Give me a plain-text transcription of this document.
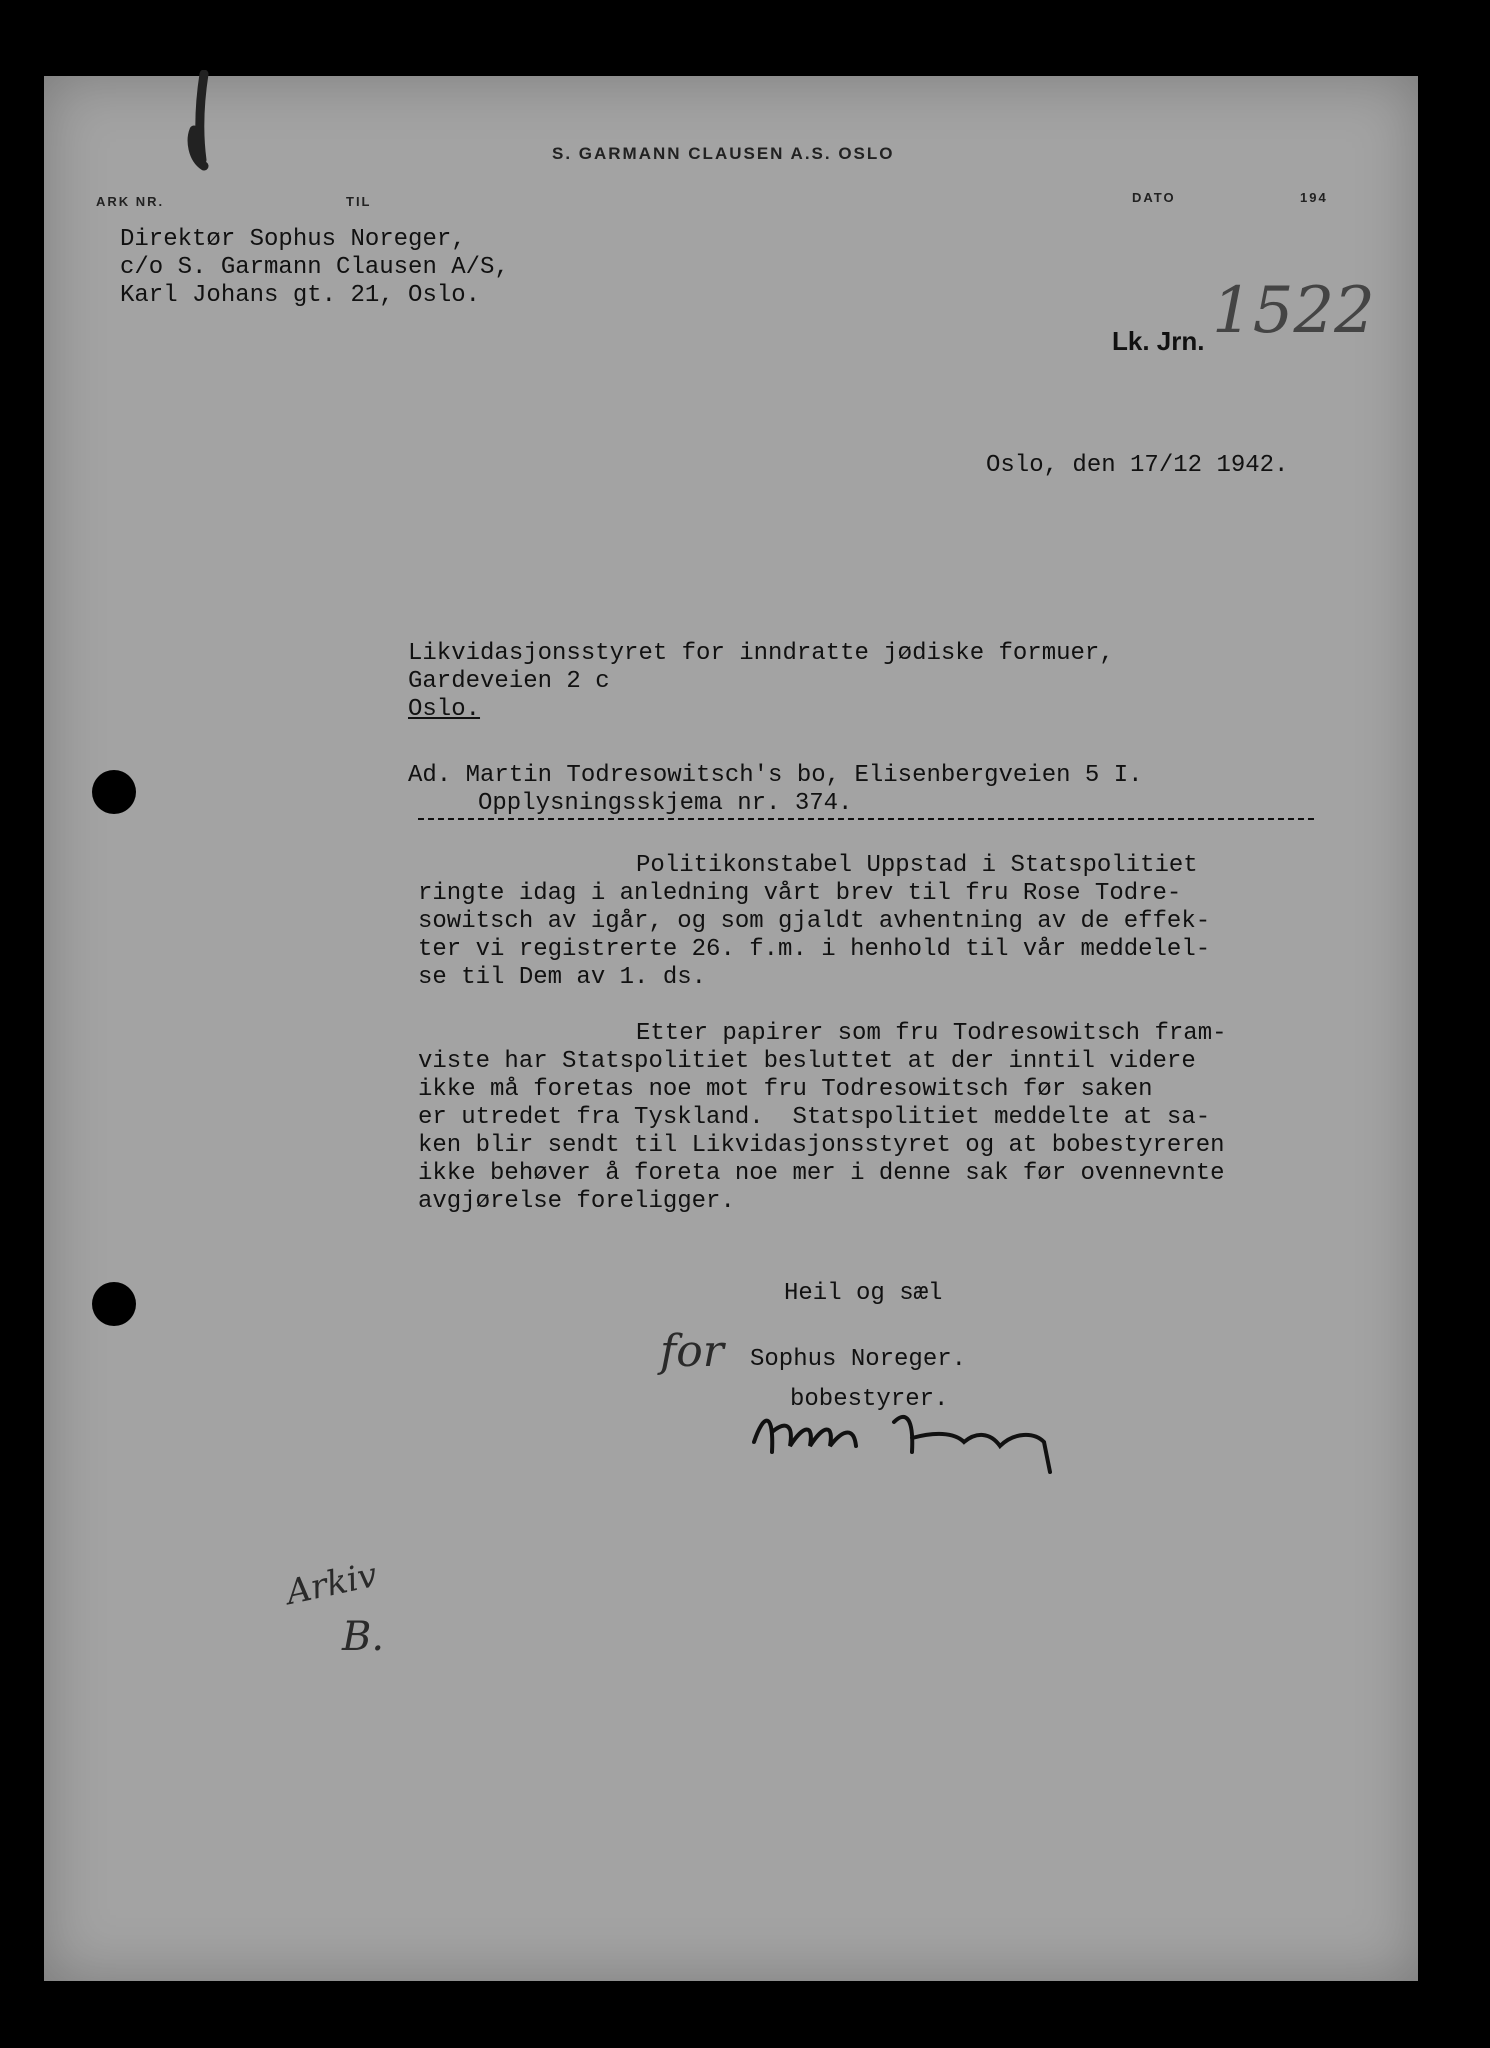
S. GARMANN CLAUSEN A.S. OSLO
ARK NR.	TIL	DATO	194
Direktør Sophus Noreger,
c/o S. Garmann Clausen A/S,
Karl Johans gt. 21, Oslo.
Lk. Jrn. 1522
Oslo, den 17/12 1942.
Likvidasjonsstyret for inndratte jødiske formuer,
Gardeveien 2 c
Oslo.
Ad. Martin Todresowitsch's bo, Elisenbergveien 5 I.
Opplysningsskjema nr. 374.
Politikonstabel Uppstad i Statspolitiet
ringte idag i anledning vårt brev til fru Rose Todre-
sowitsch av igår, og som gjaldt avhentning av de effek-
ter vi registrerte 26. f.m. i henhold til vår meddelel-
se til Dem av 1. ds.
Etter papirer som fru Todresowitsch fram-
viste har Statspolitiet besluttet at der inntil videre
ikke må foretas noe mot fru Todresowitsch før saken
er utredet fra Tyskland.  Statspolitiet meddelte at sa-
ken blir sendt til Likvidasjonsstyret og at bobestyreren
ikke behøver å foreta noe mer i denne sak før ovennevnte
avgjørelse foreligger.
Heil og sæl
for Sophus Noreger.
bobestyrer.
Arkiv
B.
